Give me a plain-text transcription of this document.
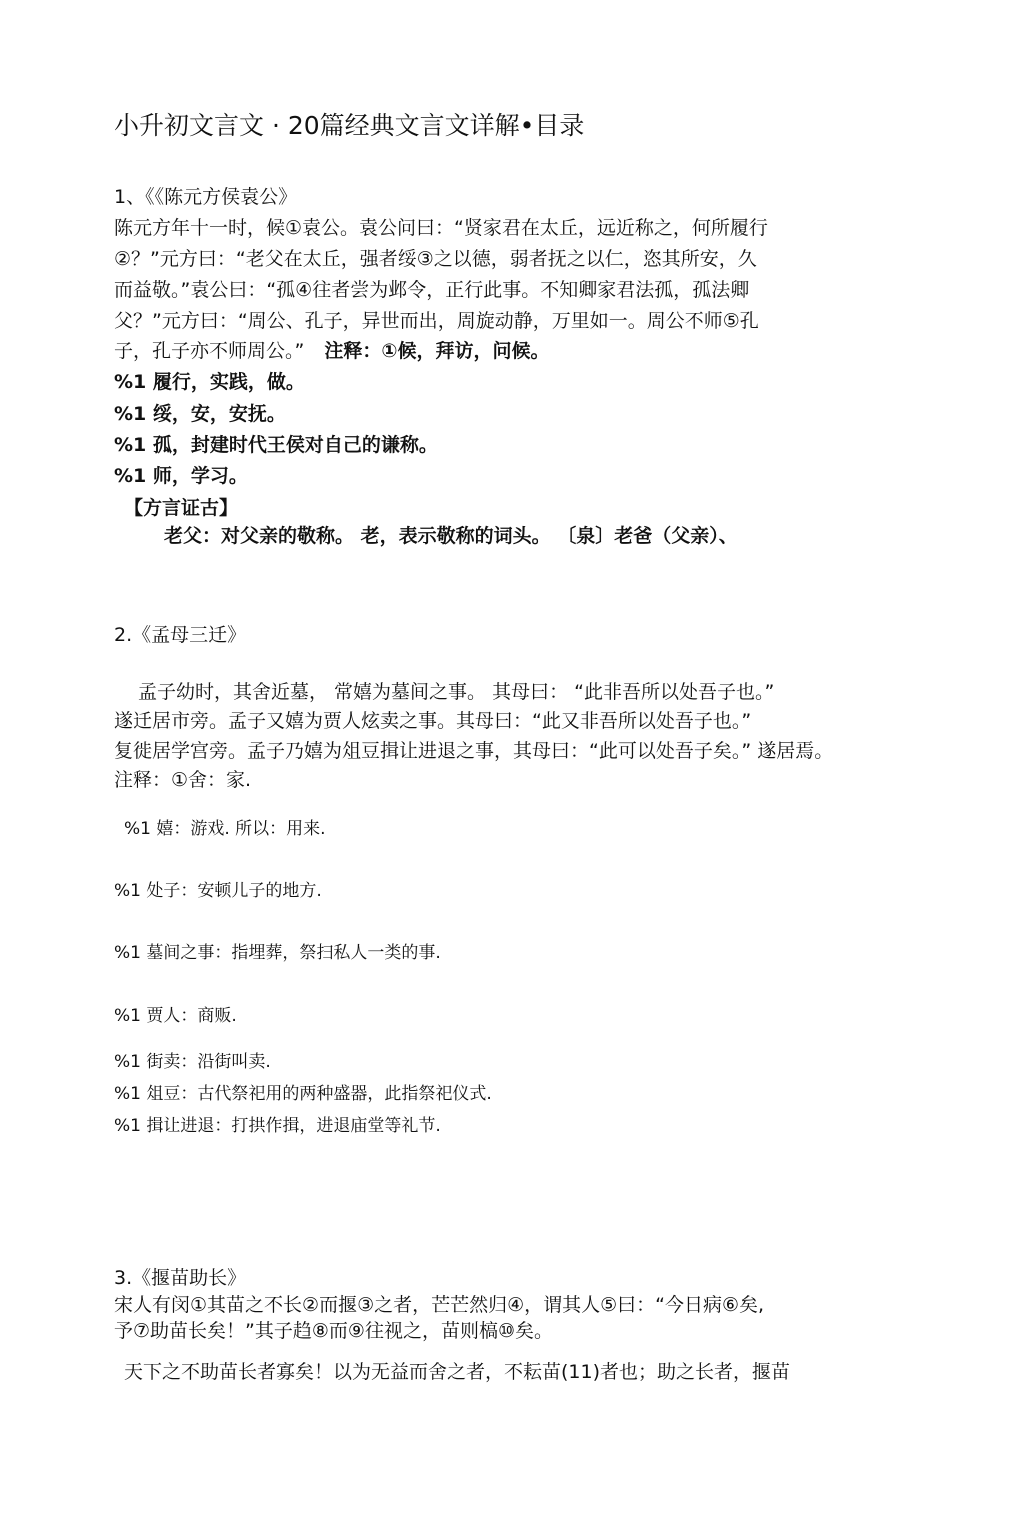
小升初文言文 · 20篇经典文言文详解•目录
1、《《陈元方侯袁公》
陈元方年十一时，候①袁公。袁公问曰：“贤家君在太丘，远近称之，何所履行
②？”元方曰：“老父在太丘，强者绥③之以德，弱者抚之以仁，恣其所安，久
而益敬。”袁公曰：“孤④往者尝为邺令，正行此事。不知卿家君法孤，孤法卿
父？”元方曰：“周公、孔子，异世而出，周旋动静，万里如一。周公不师⑤孔
子，孔子亦不师周公。” 注释：①候，拜访，问候。
%1 履行，实践，做。
%1 绥，安，安抚。
%1 孤，封建时代王侯对自己的谦称。
%1 师，学习。
【方言证古】
老父：对父亲的敬称。 老，表示敬称的词头。 〔泉〕老爸（父亲）、
2.《孟母三迁》
孟子幼时，其舍近墓， 常嬉为墓间之事。 其母曰： “此非吾所以处吾子也。”
遂迁居市旁。孟子又嬉为贾人炫卖之事。其母曰：“此又非吾所以处吾子也。”
复徙居学宫旁。孟子乃嬉为俎豆揖让进退之事，其母曰：“此可以处吾子矣。” 遂居焉。
注释：①舍：家.
%1 嬉：游戏. 所以：用来.
%1 处子：安顿儿子的地方.
%1 墓间之事：指埋葬，祭扫私人一类的事.
%1 贾人：商贩.
%1 街卖：沿街叫卖.
%1 俎豆：古代祭祀用的两种盛器，此指祭祀仪式.
%1 揖让进退：打拱作揖，进退庙堂等礼节.
3.《揠苗助长》
宋人有闵①其苗之不长②而揠③之者，芒芒然归④，谓其人⑤曰：“今日病⑥矣,
予⑦助苗长矣！”其子趋⑧而⑨往视之，苗则槁⑩矣。
天下之不助苗长者寡矣！以为无益而舍之者，不耘苗(11)者也；助之长者，揠苗
